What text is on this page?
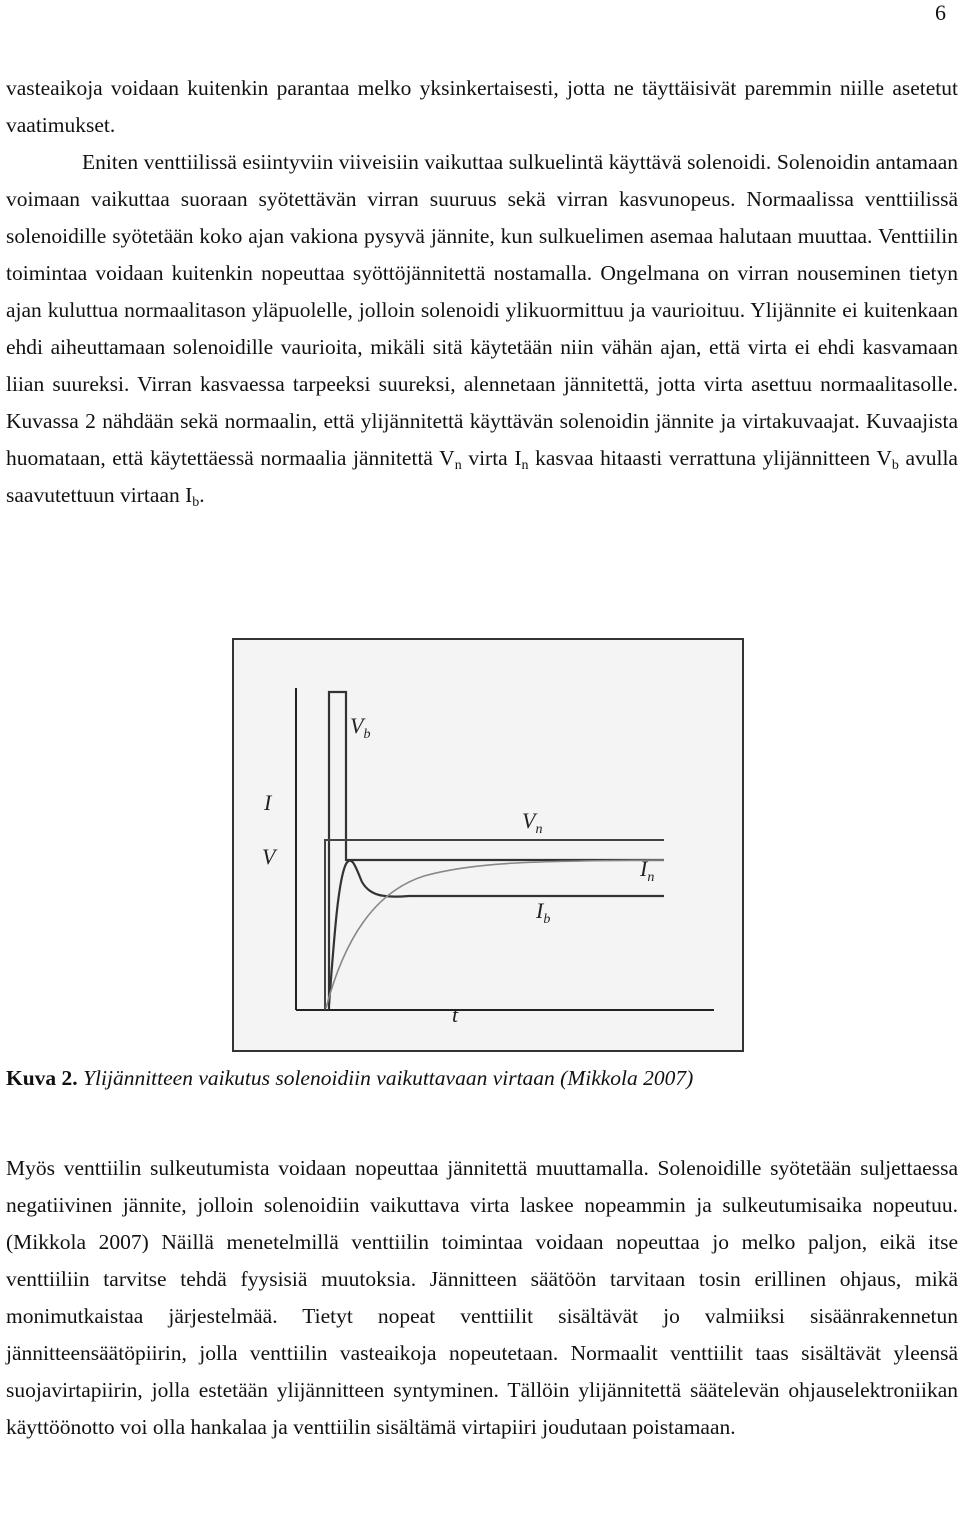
6

vasteaikoja voidaan kuitenkin parantaa melko yksinkertaisesti, jotta ne täyttäisivät paremmin niille asetetut vaatimukset.
Eniten venttiilissä esiintyviin viiveisiin vaikuttaa sulkuelintä käyttävä solenoidi. Solenoidin antamaan voimaan vaikuttaa suoraan syötettävän virran suuruus sekä virran kasvunopeus. Normaalissa venttiilissä solenoidille syötetään koko ajan vakiona pysyvä jännite, kun sulkuelimen asemaa halutaan muuttaa. Venttiilin toimintaa voidaan kuitenkin nopeuttaa syöttöjännitettä nostamalla. Ongelmana on virran nouseminen tietyn ajan kuluttua normaalitason yläpuolelle, jolloin solenoidi ylikuormittuu ja vaurioituu. Ylijännite ei kuitenkaan ehdi aiheuttamaan solenoidille vaurioita, mikäli sitä käytetään niin vähän ajan, että virta ei ehdi kasvamaan liian suureksi. Virran kasvaessa tarpeeksi suureksi, alennetaan jännitettä, jotta virta asettuu normaalitasolle. Kuvassa 2 nähdään sekä normaalin, että ylijännitettä käyttävän solenoidin jännite ja virtakuvaajat. Kuvaajista huomataan, että käytettäessä normaalia jännitettä $V_n$ virta $I_n$ kasvaa hitaasti verrattuna ylijännitteen $V_b$ avulla saavutettuun virtaan $I_b$.

$V_b$
$V_n$
$I_n$
$I_b$
I
V
t
Kuva 2. Ylijännitteen vaikutus solenoidiin vaikuttavaan virtaan (Mikkola 2007)

Myös venttiilin sulkeutumista voidaan nopeuttaa jännitettä muuttamalla. Solenoidille syötetään suljettaessa negatiivinen jännite, jolloin solenoidiin vaikuttava virta laskee nopeammin ja sulkeutumisaika nopeutuu. (Mikkola 2007) Näillä menetelmillä venttiilin toimintaa voidaan nopeuttaa jo melko paljon, eikä itse venttiiliin tarvitse tehdä fyysisiä muutoksia. Jännitteen säätöön tarvitaan tosin erillinen ohjaus, mikä monimutkaistaa järjestelmää. Tietyt nopeat venttiilit sisältävät jo valmiiksi sisäänrakennetun jännitteensäätöpiirin, jolla venttiilin vasteaikoja nopeutetaan. Normaalit venttiilit taas sisältävät yleensä suojavirtapiirin, jolla estetään ylijännitteen syntyminen. Tällöin ylijännitettä säätelevän ohjauselektroniikan käyttöönotto voi olla hankalaa ja venttiilin sisältämä virtapiiri joudutaan poistamaan.
